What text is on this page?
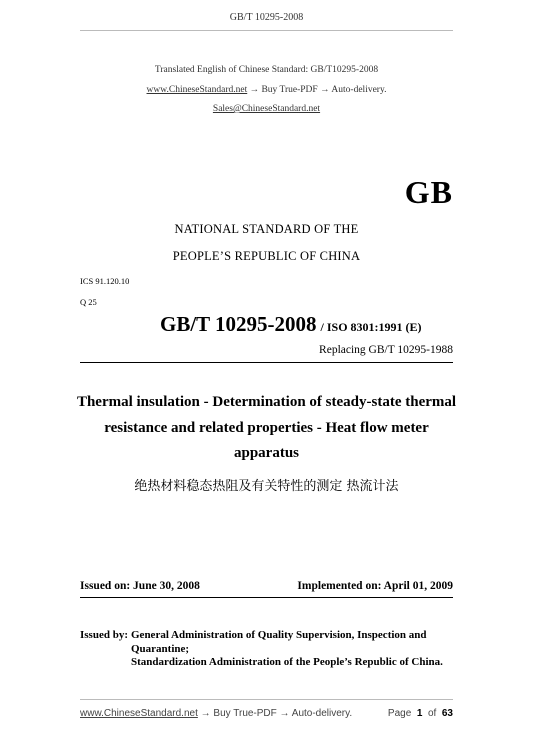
GB/T 10295-2008
Translated English of Chinese Standard: GB/T10295-2008
www.ChineseStandard.net → Buy True-PDF → Auto-delivery.
Sales@ChineseStandard.net
GB
NATIONAL STANDARD OF THE
PEOPLE’S REPUBLIC OF CHINA
ICS 91.120.10
Q 25
GB/T 10295-2008 / ISO 8301:1991 (E)
Replacing GB/T 10295-1988
Thermal insulation - Determination of steady-state thermal
resistance and related properties - Heat flow meter
apparatus
绝热材料稳态热阻及有关特性的测定 热流计法
Issued on: June 30, 2008	Implemented on: April 01, 2009
Issued by: General Administration of Quality Supervision, Inspection and
Quarantine;
Standardization Administration of the People’s Republic of China.
www.ChineseStandard.net → Buy True-PDF → Auto-delivery.	Page 1 of 63
